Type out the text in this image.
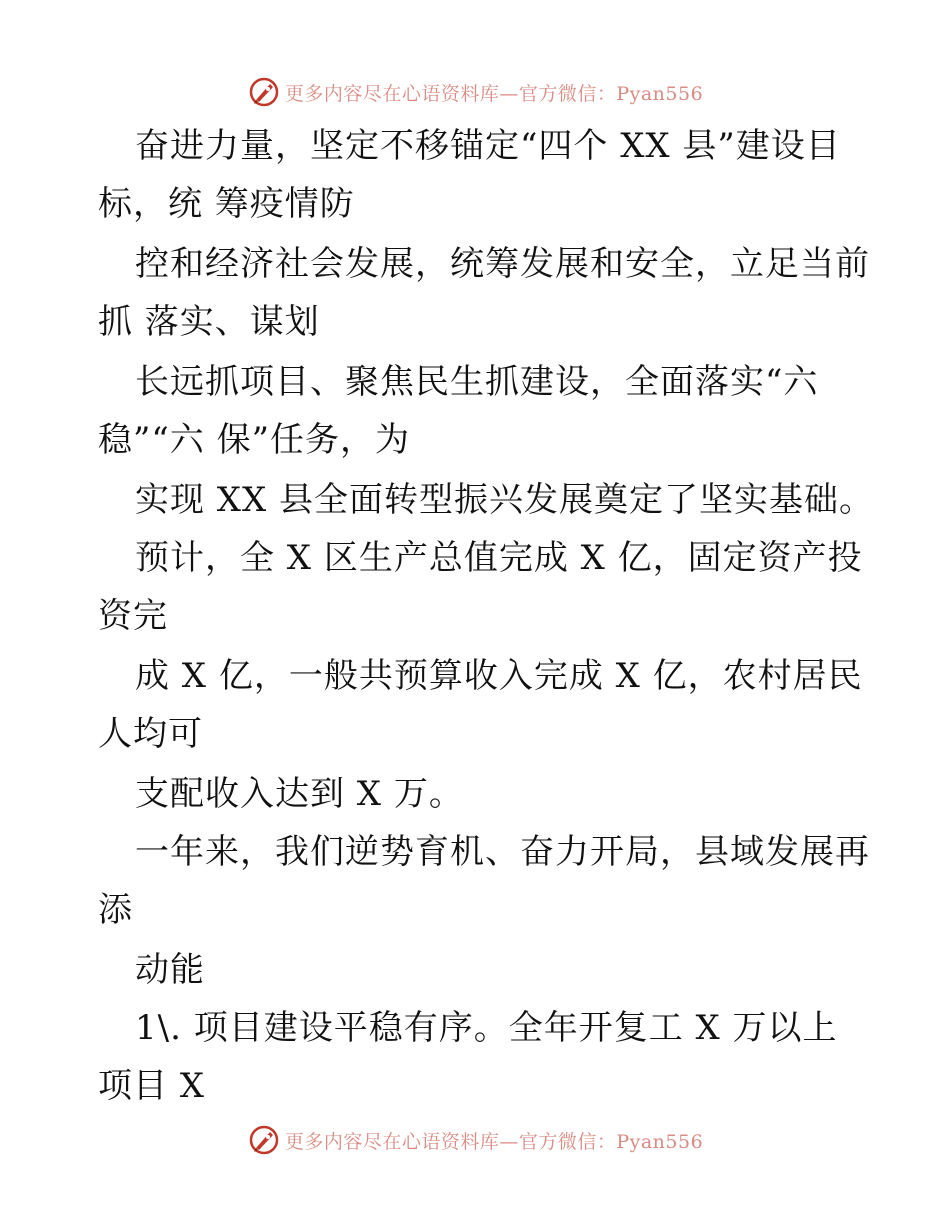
更多内容尽在心语资料库—官方微信：Pyan556
奋进力量，坚定不移锚定“四个 XX 县”建设目
标，统 筹疫情防
控和经济社会发展，统筹发展和安全，立足当前
抓 落实、谋划
长远抓项目、聚焦民生抓建设，全面落实“六
稳”“六 保”任务，为
实现 XX 县全面转型振兴发展奠定了坚实基础。
预计，全 X 区生产总值完成 X 亿，固定资产投
资完
成 X 亿，一般共预算收入完成 X 亿，农村居民
人均可
支配收入达到 X 万。
一年来，我们逆势育机、奋力开局，县域发展再
添
动能
1\. 项目建设平稳有序。全年开复工 X 万以上
项目 X
更多内容尽在心语资料库—官方微信：Pyan556
